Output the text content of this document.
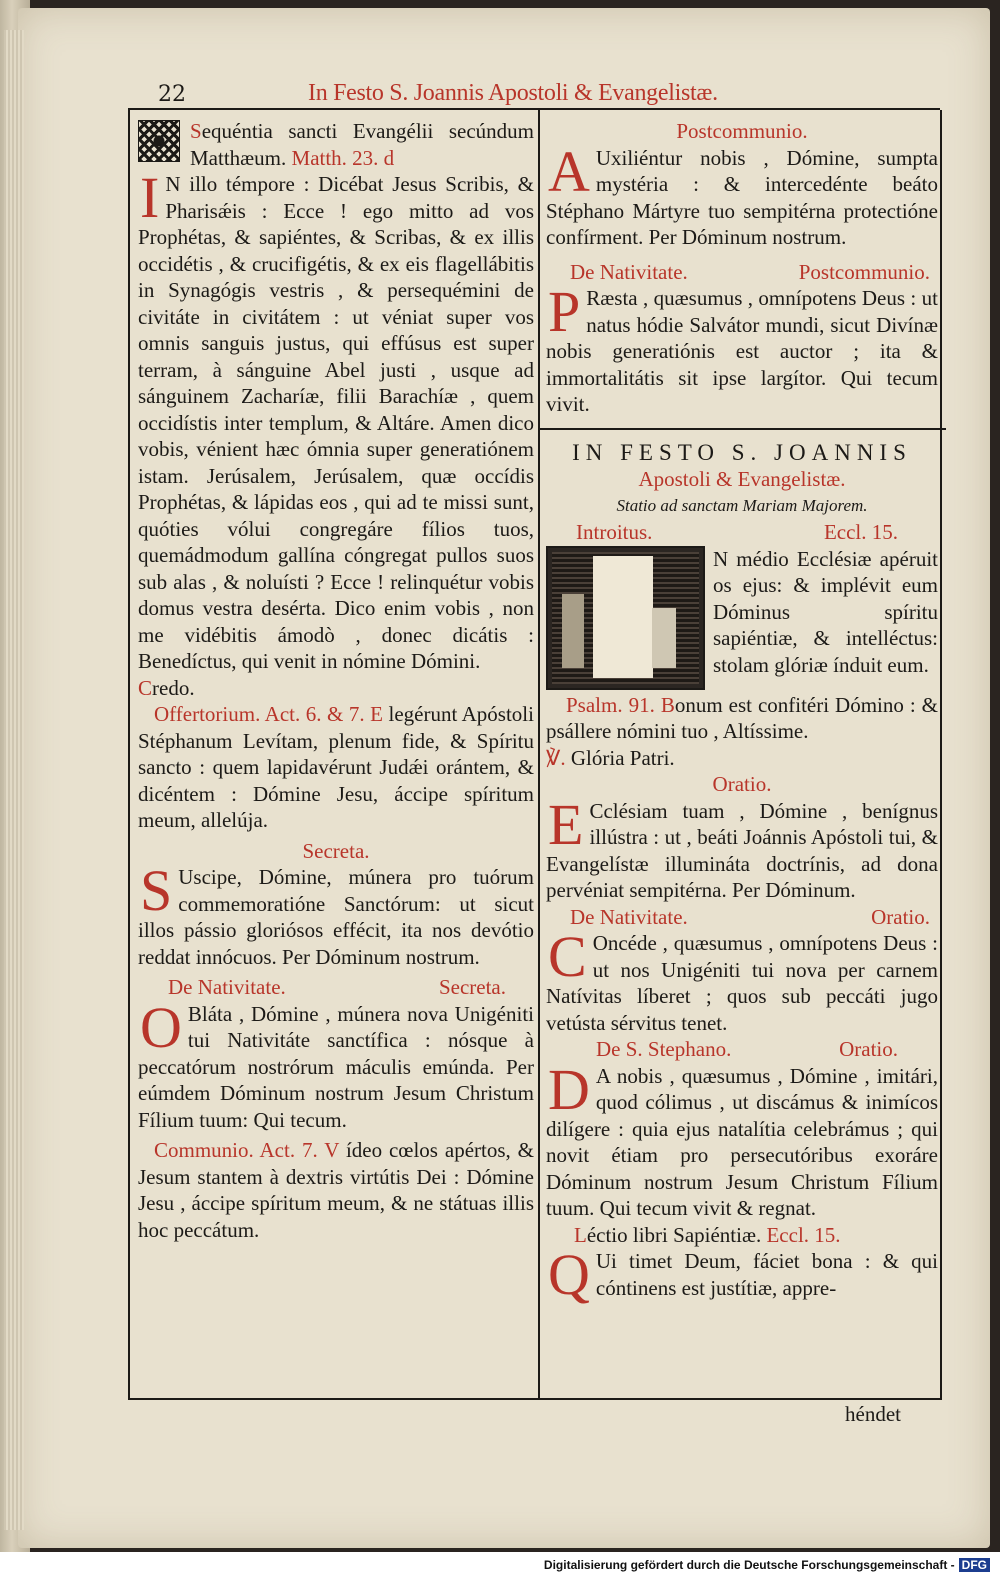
22	In Festo S. Joannis Apostoli & Evangelistæ.

Sequéntia sancti Evangélii secúndum Matthæum. Matth. 23. d

I N illo témpore : Dicébat Jesus Scribis, & Pharisǽis : Ecce ! ego mitto ad vos Prophétas, & sapiéntes, & Scribas, & ex illis occidétis , & crucifigétis, & ex eis flagellábitis in Synagógis vestris , & persequémini de civitáte in civitátem : ut véniat super vos omnis sanguis justus, qui effúsus est super terram, à sánguine Abel justi , usque ad sánguinem Zacharíæ, filii Barachíæ , quem occidístis inter templum, & Altáre. Amen dico vobis, vénient hæc ómnia super generatiónem istam. Jerúsalem, Jerúsalem, quæ occídis Prophétas, & lápidas eos , qui ad te missi sunt, quóties vólui congregáre fílios tuos, quemádmodum gallína cóngregat pullos suos sub alas , & noluísti ? Ecce ! relinquétur vobis domus vestra desérta. Dico enim vobis , non me vidébitis ámodò , donec dicátis : Benedíctus, qui venit in nómine Dómini.

Credo.

Offertorium. Act. 6. & 7. E legérunt Apóstoli Stéphanum Levítam, plenum fide, & Spíritu sancto : quem lapidavérunt Judǽi orántem, & dicéntem : Dómine Jesu, áccipe spíritum meum, allelúja.

Secreta.

S Uscipe, Dómine, múnera pro tuórum commemoratióne Sanctórum: ut sicut illos pássio gloriósos effécit, ita nos devótio reddat innócuos. Per Dóminum nostrum.

De Nativitate.	Secreta.

O Bláta , Dómine , múnera nova Unigéniti tui Nativitáte sanctífica : nósque à peccatórum nostrórum máculis emúnda. Per eúmdem Dóminum nostrum Jesum Christum Fílium tuum: Qui tecum.

Communio. Act. 7. V ídeo cœlos apértos, & Jesum stantem à dextris virtútis Dei : Dómine Jesu , áccipe spíritum meum, & ne státuas illis hoc peccátum.

Postcommunio.

A Uxiliéntur nobis , Dómine, sumpta mystéria : & intercedénte beáto Stéphano Mártyre tuo sempitérna protectióne confírment. Per Dóminum nostrum.

De Nativitate.	Postcommunio.

P Ræsta , quæsumus , omnípotens Deus : ut natus hódie Salvátor mundi, sicut Divínæ nobis generatiónis est auctor ; ita & immortalitátis sit ipse largítor. Qui tecum vivit.

IN FESTO S. JOANNIS

Apostoli & Evangelistæ.

Statio ad sanctam Mariam Majorem.

Introitus.	Eccl. 15.

N médio Ecclésiæ apéruit os ejus: & implévit eum Dóminus spíritu sapiéntiæ, & intelléctus: stolam glóriæ índuit eum.

Psalm. 91. Bonum est confitéri Dómino : & psállere nómini tuo , Altíssime.

℣. Glória Patri.

Oratio.

E Cclésiam tuam , Dómine , benígnus illústra : ut , beáti Joánnis Apóstoli tui, & Evangelístæ illumináta doctrínis, ad dona pervéniat sempitérna. Per Dóminum.

De Nativitate.	Oratio.

C Oncéde , quæsumus , omnípotens Deus : ut nos Unigéniti tui nova per carnem Natívitas líberet ; quos sub peccáti jugo vetústa sérvitus tenet.

De S. Stephano.	Oratio.

D A nobis , quæsumus , Dómine , imitári, quod cólimus , ut discámus & inimícos dilígere : quia ejus natalítia celebrámus ; qui novit étiam pro persecutóribus exoráre Dóminum nostrum Jesum Christum Fílium tuum. Qui tecum vivit & regnat.

Léctio libri Sapiéntiæ. Eccl. 15.

Q Ui timet Deum, fáciet bona : & qui cóntinens est justítiæ, appre-

héndet
Digitalisierung gefördert durch die Deutsche Forschungsgemeinschaft - DFG
